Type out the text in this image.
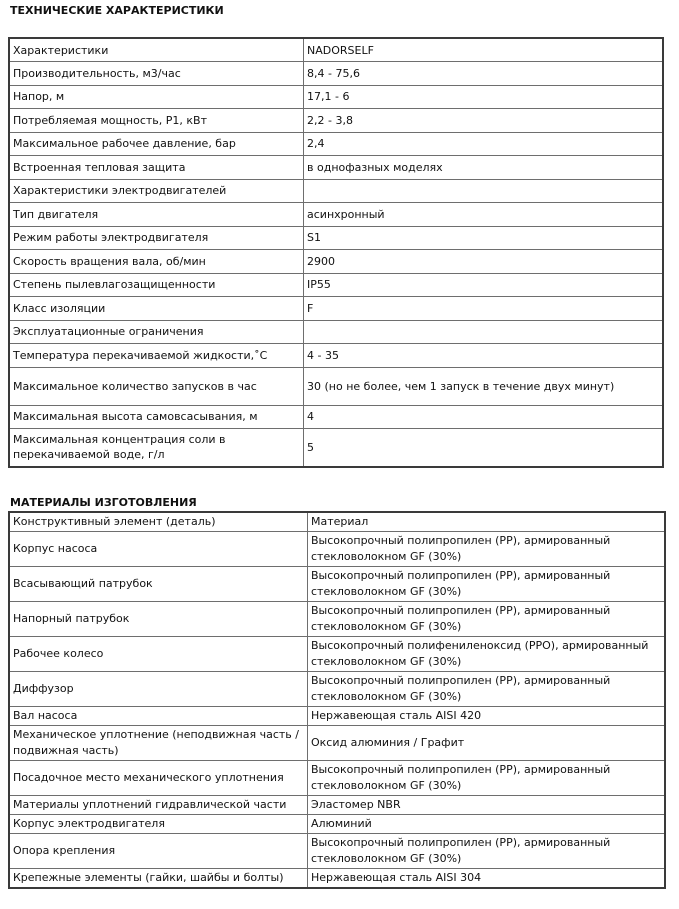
ТЕХНИЧЕСКИЕ ХАРАКТЕРИСТИКИ
Характеристики	NADORSELF
Производительность, м3/час	8,4 - 75,6
Напор, м	17,1 - 6
Потребляемая мощность, Р1, кВт	2,2 - 3,8
Максимальное рабочее давление, бар	2,4
Встроенная тепловая защита	в однофазных моделях
Характеристики электродвигателей	
Тип двигателя	асинхронный
Режим работы электродвигателя	S1
Скорость вращения вала, об/мин	2900
Степень пылевлагозащищенности	IP55
Класс изоляции	F
Эксплуатационные ограничения	
Температура перекачиваемой жидкости,˚С	4 - 35
Максимальное количество запусков в час	30 (но не более, чем 1 запуск в течение двух минут)
Максимальная высота самовсасывания, м	4
Максимальная концентрация соли в перекачиваемой воде, г/л	5
МАТЕРИАЛЫ ИЗГОТОВЛЕНИЯ
Конструктивный элемент (деталь)	Материал
Корпус насоса	Высокопрочный полипропилен (PP), армированный стекловолокном GF (30%)
Всасывающий патрубок	Высокопрочный полипропилен (PP), армированный стекловолокном GF (30%)
Напорный патрубок	Высокопрочный полипропилен (PP), армированный стекловолокном GF (30%)
Рабочее колесо	Высокопрочный полифениленоксид (PPO), армированный стекловолокном GF (30%)
Диффузор	Высокопрочный полипропилен (PP), армированный стекловолокном GF (30%)
Вал насоса	Нержавеющая сталь AISI 420
Механическое уплотнение (неподвижная часть / подвижная часть)	Оксид алюминия / Графит
Посадочное место механического уплотнения	Высокопрочный полипропилен (PP), армированный стекловолокном GF (30%)
Материалы уплотнений гидравлической части	Эластомер NBR
Корпус электродвигателя	Алюминий
Опора крепления	Высокопрочный полипропилен (PP), армированный стекловолокном GF (30%)
Крепежные элементы (гайки, шайбы и болты)	Нержавеющая сталь AISI 304
